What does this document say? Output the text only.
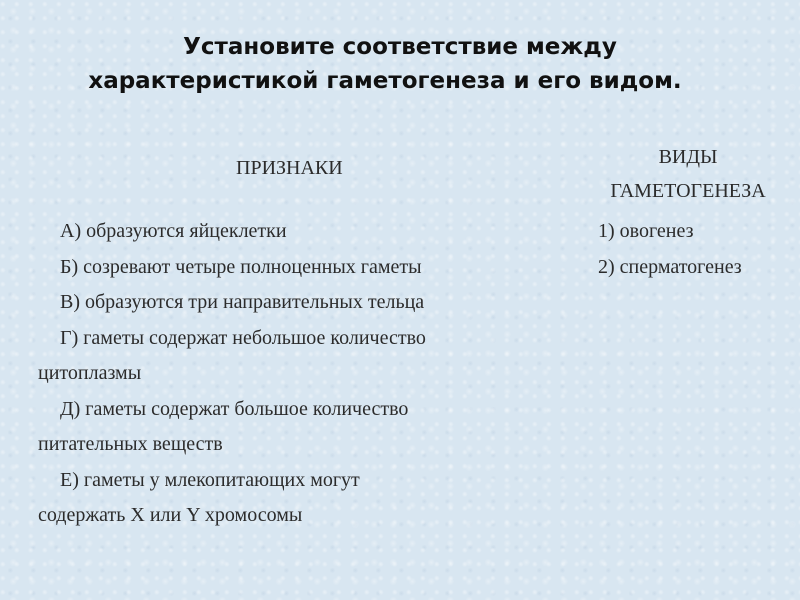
Установите соответствие между
характеристикой гаметогенеза и его видом.
ПРИЗНАКИ	ВИДЫ
ГАМЕТОГЕНЕЗА
А) образуются яйцеклетки
Б) созревают четыре полноценных гаметы
В) образуются три направительных тельца
Г) гаметы содержат небольшое количество
цитоплазмы
Д) гаметы содержат большое количество
питательных веществ
Е) гаметы у млекопитающих могут
содержать X или Y хромосомы
1) овогенез
2) сперматогенез
